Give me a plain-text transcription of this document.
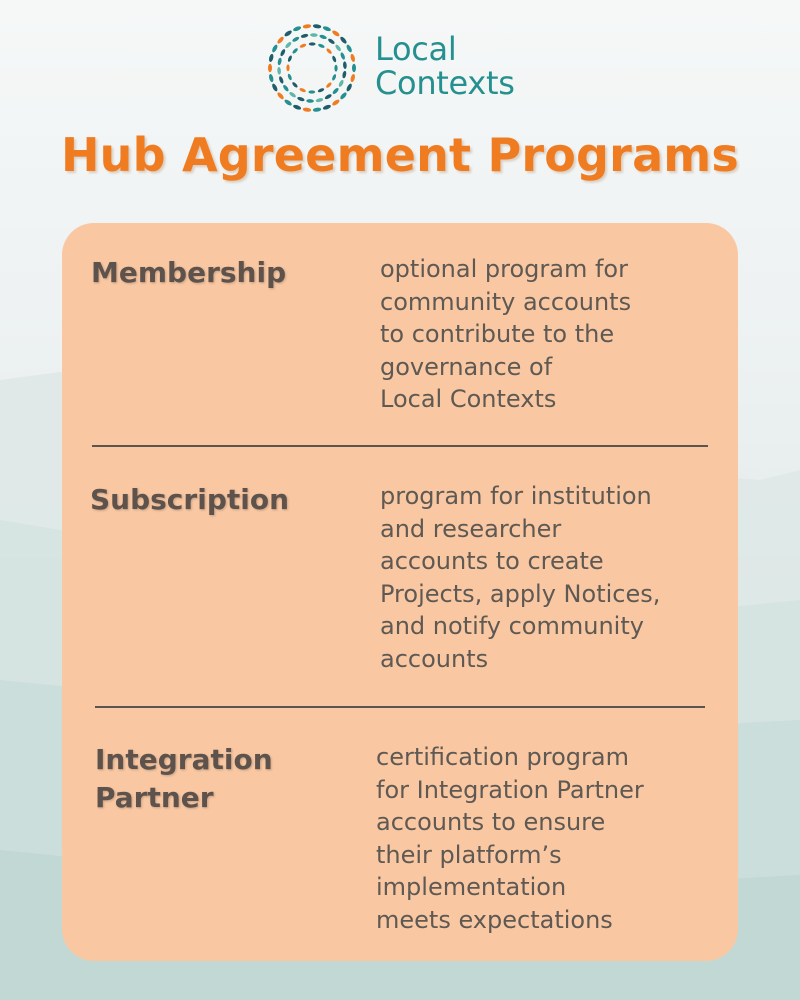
Local
Contexts
Hub Agreement Programs
Membership	optional program for
community accounts
to contribute to the
governance of
Local Contexts
Subscription	program for institution
and researcher
accounts to create
Projects, apply Notices,
and notify community
accounts
Integration
Partner
certification program
for Integration Partner
accounts to ensure
their platform’s
implementation
meets expectations
